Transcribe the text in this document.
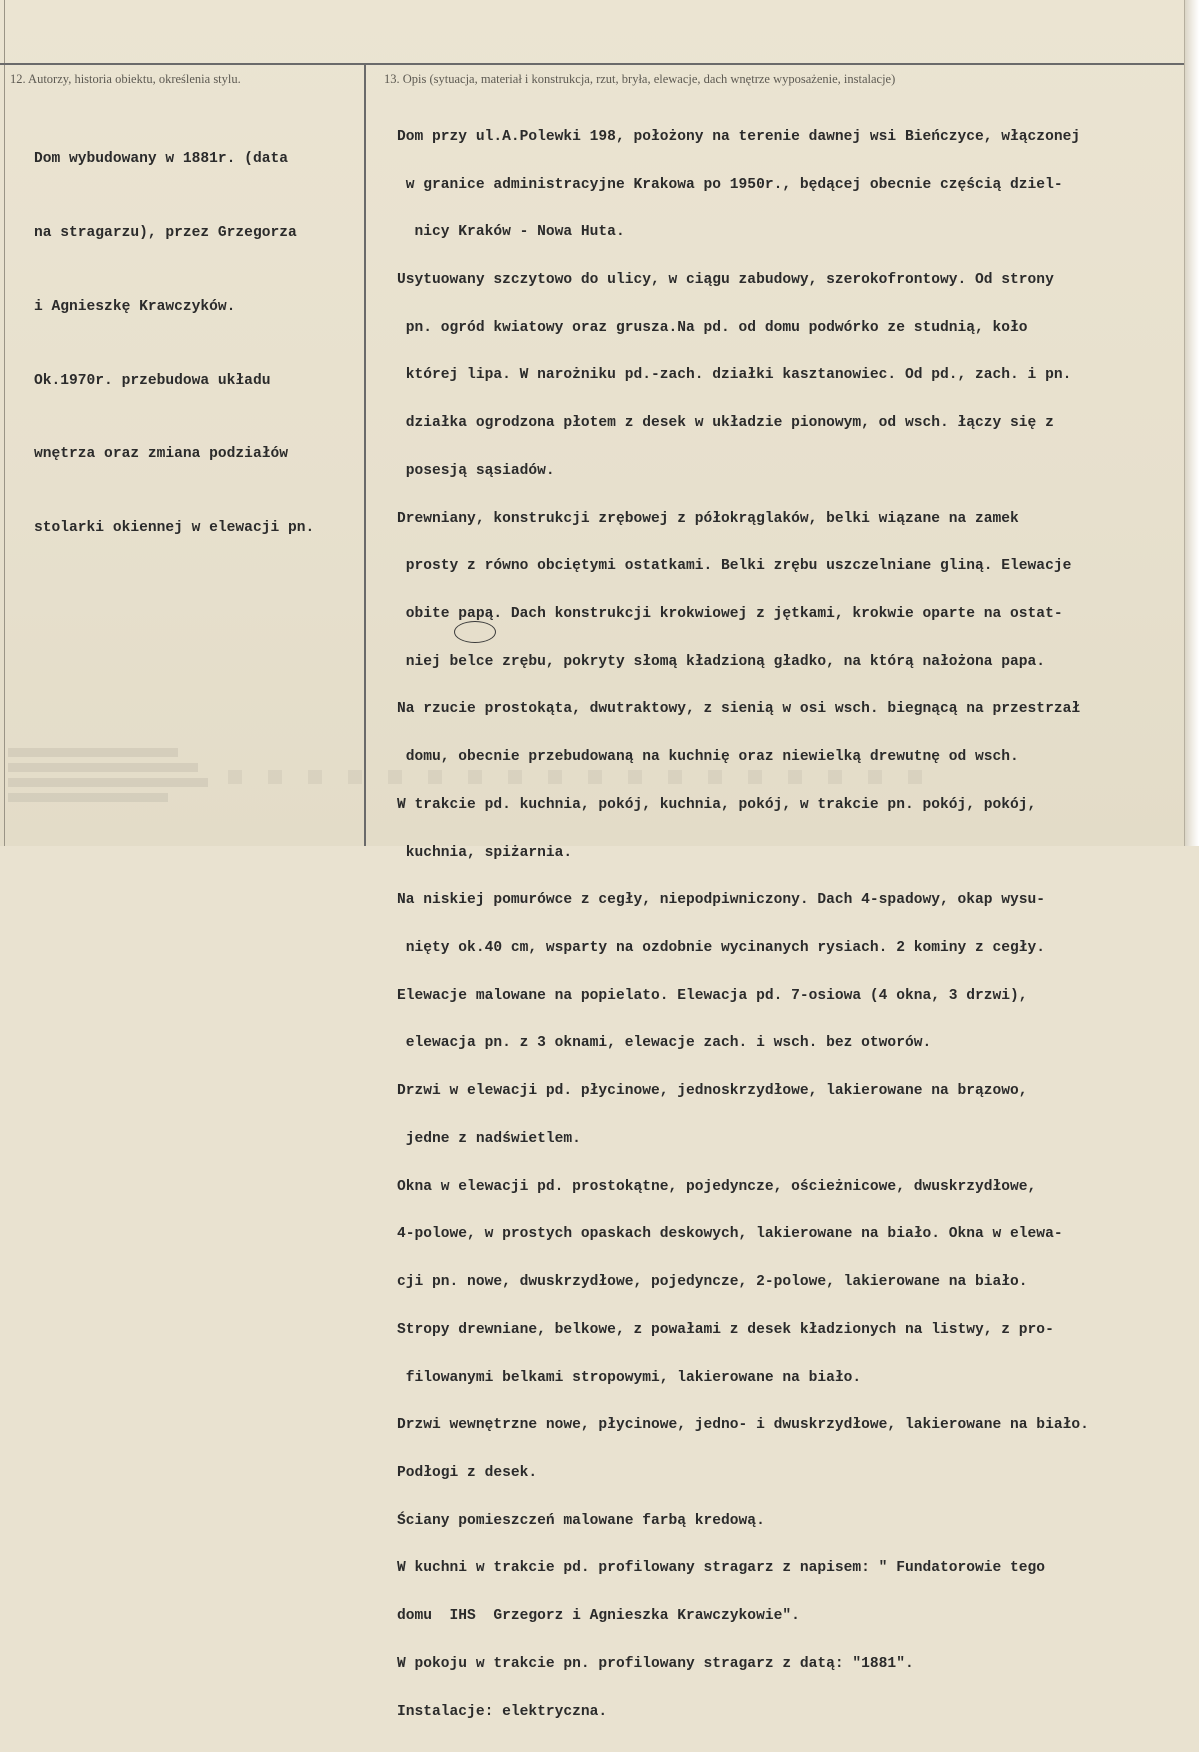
12. Autorzy, historia obiektu, określenia stylu.	13. Opis (sytuacja, materiał i konstrukcja, rzut, bryła, elewacje, dach wnętrze wyposażenie, instalacje)

Dom wybudowany w 1881r. (data

na stragarzu), przez Grzegorza

i Agnieszkę Krawczyków.

Ok.1970r. przebudowa układu

wnętrza oraz zmiana podziałów

stolarki okiennej w elewacji pn.

Dom przy ul.A.Polewki 198, położony na terenie dawnej wsi Bieńczyce, włączonej

w granice administracyjne Krakowa po 1950r., będącej obecnie częścią dziel-

nicy Kraków - Nowa Huta.

Usytuowany szczytowo do ulicy, w ciągu zabudowy, szerokofrontowy. Od strony

pn. ogród kwiatowy oraz grusza.Na pd. od domu podwórko ze studnią, koło

której lipa. W narożniku pd.-zach. działki kasztanowiec. Od pd., zach. i pn.

działka ogrodzona płotem z desek w układzie pionowym, od wsch. łączy się z

posesją sąsiadów.

Drewniany, konstrukcji zrębowej z półokrąglaków, belki wiązane na zamek

prosty z równo obciętymi ostatkami. Belki zrębu uszczelniane gliną. Elewacje

obite papą. Dach konstrukcji krokwiowej z jętkami, krokwie oparte na ostat-

niej belce zrębu, pokryty słomą kładzioną gładko, na którą nałożona papa.

Na rzucie prostokąta, dwutraktowy, z sienią w osi wsch. biegnącą na przestrzał

domu, obecnie przebudowaną na kuchnię oraz niewielką drewutnę od wsch.

W trakcie pd. kuchnia, pokój, kuchnia, pokój, w trakcie pn. pokój, pokój,

kuchnia, spiżarnia.

Na niskiej pomurówce z cegły, niepodpiwniczony. Dach 4-spadowy, okap wysu-

nięty ok.40 cm, wsparty na ozdobnie wycinanych rysiach. 2 kominy z cegły.

Elewacje malowane na popielato. Elewacja pd. 7-osiowa (4 okna, 3 drzwi),

elewacja pn. z 3 oknami, elewacje zach. i wsch. bez otworów.

Drzwi w elewacji pd. płycinowe, jednoskrzydłowe, lakierowane na brązowo,

jedne z nadświetlem.

Okna w elewacji pd. prostokątne, pojedyncze, ościeżnicowe, dwuskrzydłowe,

4-polowe, w prostych opaskach deskowych, lakierowane na biało. Okna w elewa-

cji pn. nowe, dwuskrzydłowe, pojedyncze, 2-polowe, lakierowane na biało.

Stropy drewniane, belkowe, z powałami z desek kładzionych na listwy, z pro-

filowanymi belkami stropowymi, lakierowane na biało.

Drzwi wewnętrzne nowe, płycinowe, jedno- i dwuskrzydłowe, lakierowane na biało.

Podłogi z desek.

Ściany pomieszczeń malowane farbą kredową.

W kuchni w trakcie pd. profilowany stragarz z napisem: " Fundatorowie tego

domu  IHS  Grzegorz i Agnieszka Krawczykowie".

W pokoju w trakcie pn. profilowany stragarz z datą: "1881".

Instalacje: elektryczna.
